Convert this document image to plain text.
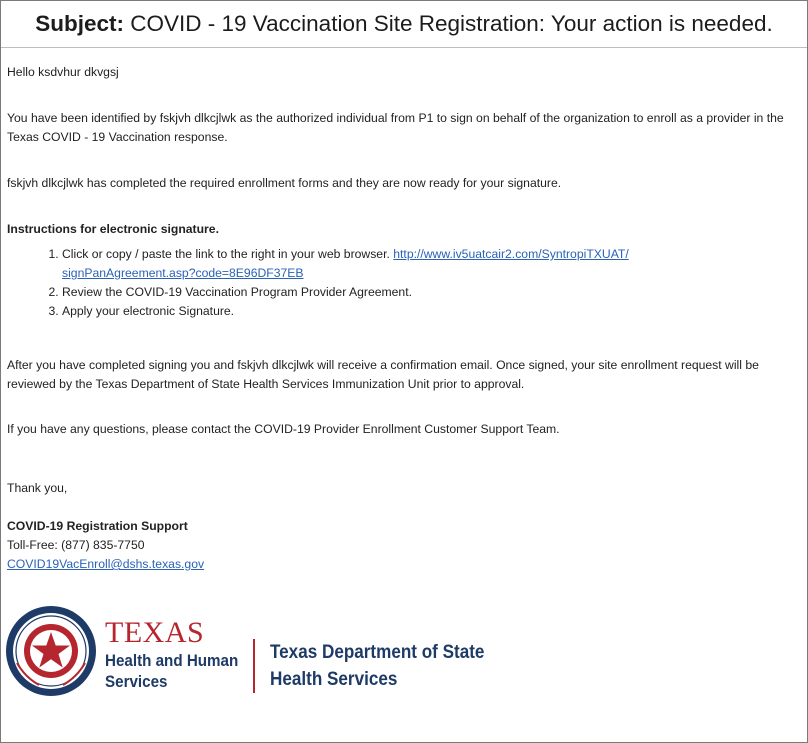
Subject: COVID - 19 Vaccination Site Registration: Your action is needed.

Hello ksdvhur dkvgsj

You have been identified by fskjvh dlkcjlwk as the authorized individual from P1 to sign on behalf of the organization to enroll as a provider in the Texas COVID - 19 Vaccination response.

fskjvh dlkcjlwk has completed the required enrollment forms and they are now ready for your signature.

Instructions for electronic signature.

1. Click or copy / paste the link to the right in your web browser. http://www.iv5uatcair2.com/SyntropiTXUAT/
signPanAgreement.asp?code=8E96DF37EB
2. Review the COVID-19 Vaccination Program Provider Agreement.
3. Apply your electronic Signature.

After you have completed signing you and fskjvh dlkcjlwk will receive a confirmation email. Once signed, your site enrollment request will be reviewed by the Texas Department of State Health Services Immunization Unit prior to approval.

If you have any questions, please contact the COVID-19 Provider Enrollment Customer Support Team.

Thank you,

COVID-19 Registration Support

Toll-Free: (877) 835-7750

COVID19VacEnroll@dshs.texas.gov

TEXAS
Health and Human
Services
Texas Department of State
Health Services
